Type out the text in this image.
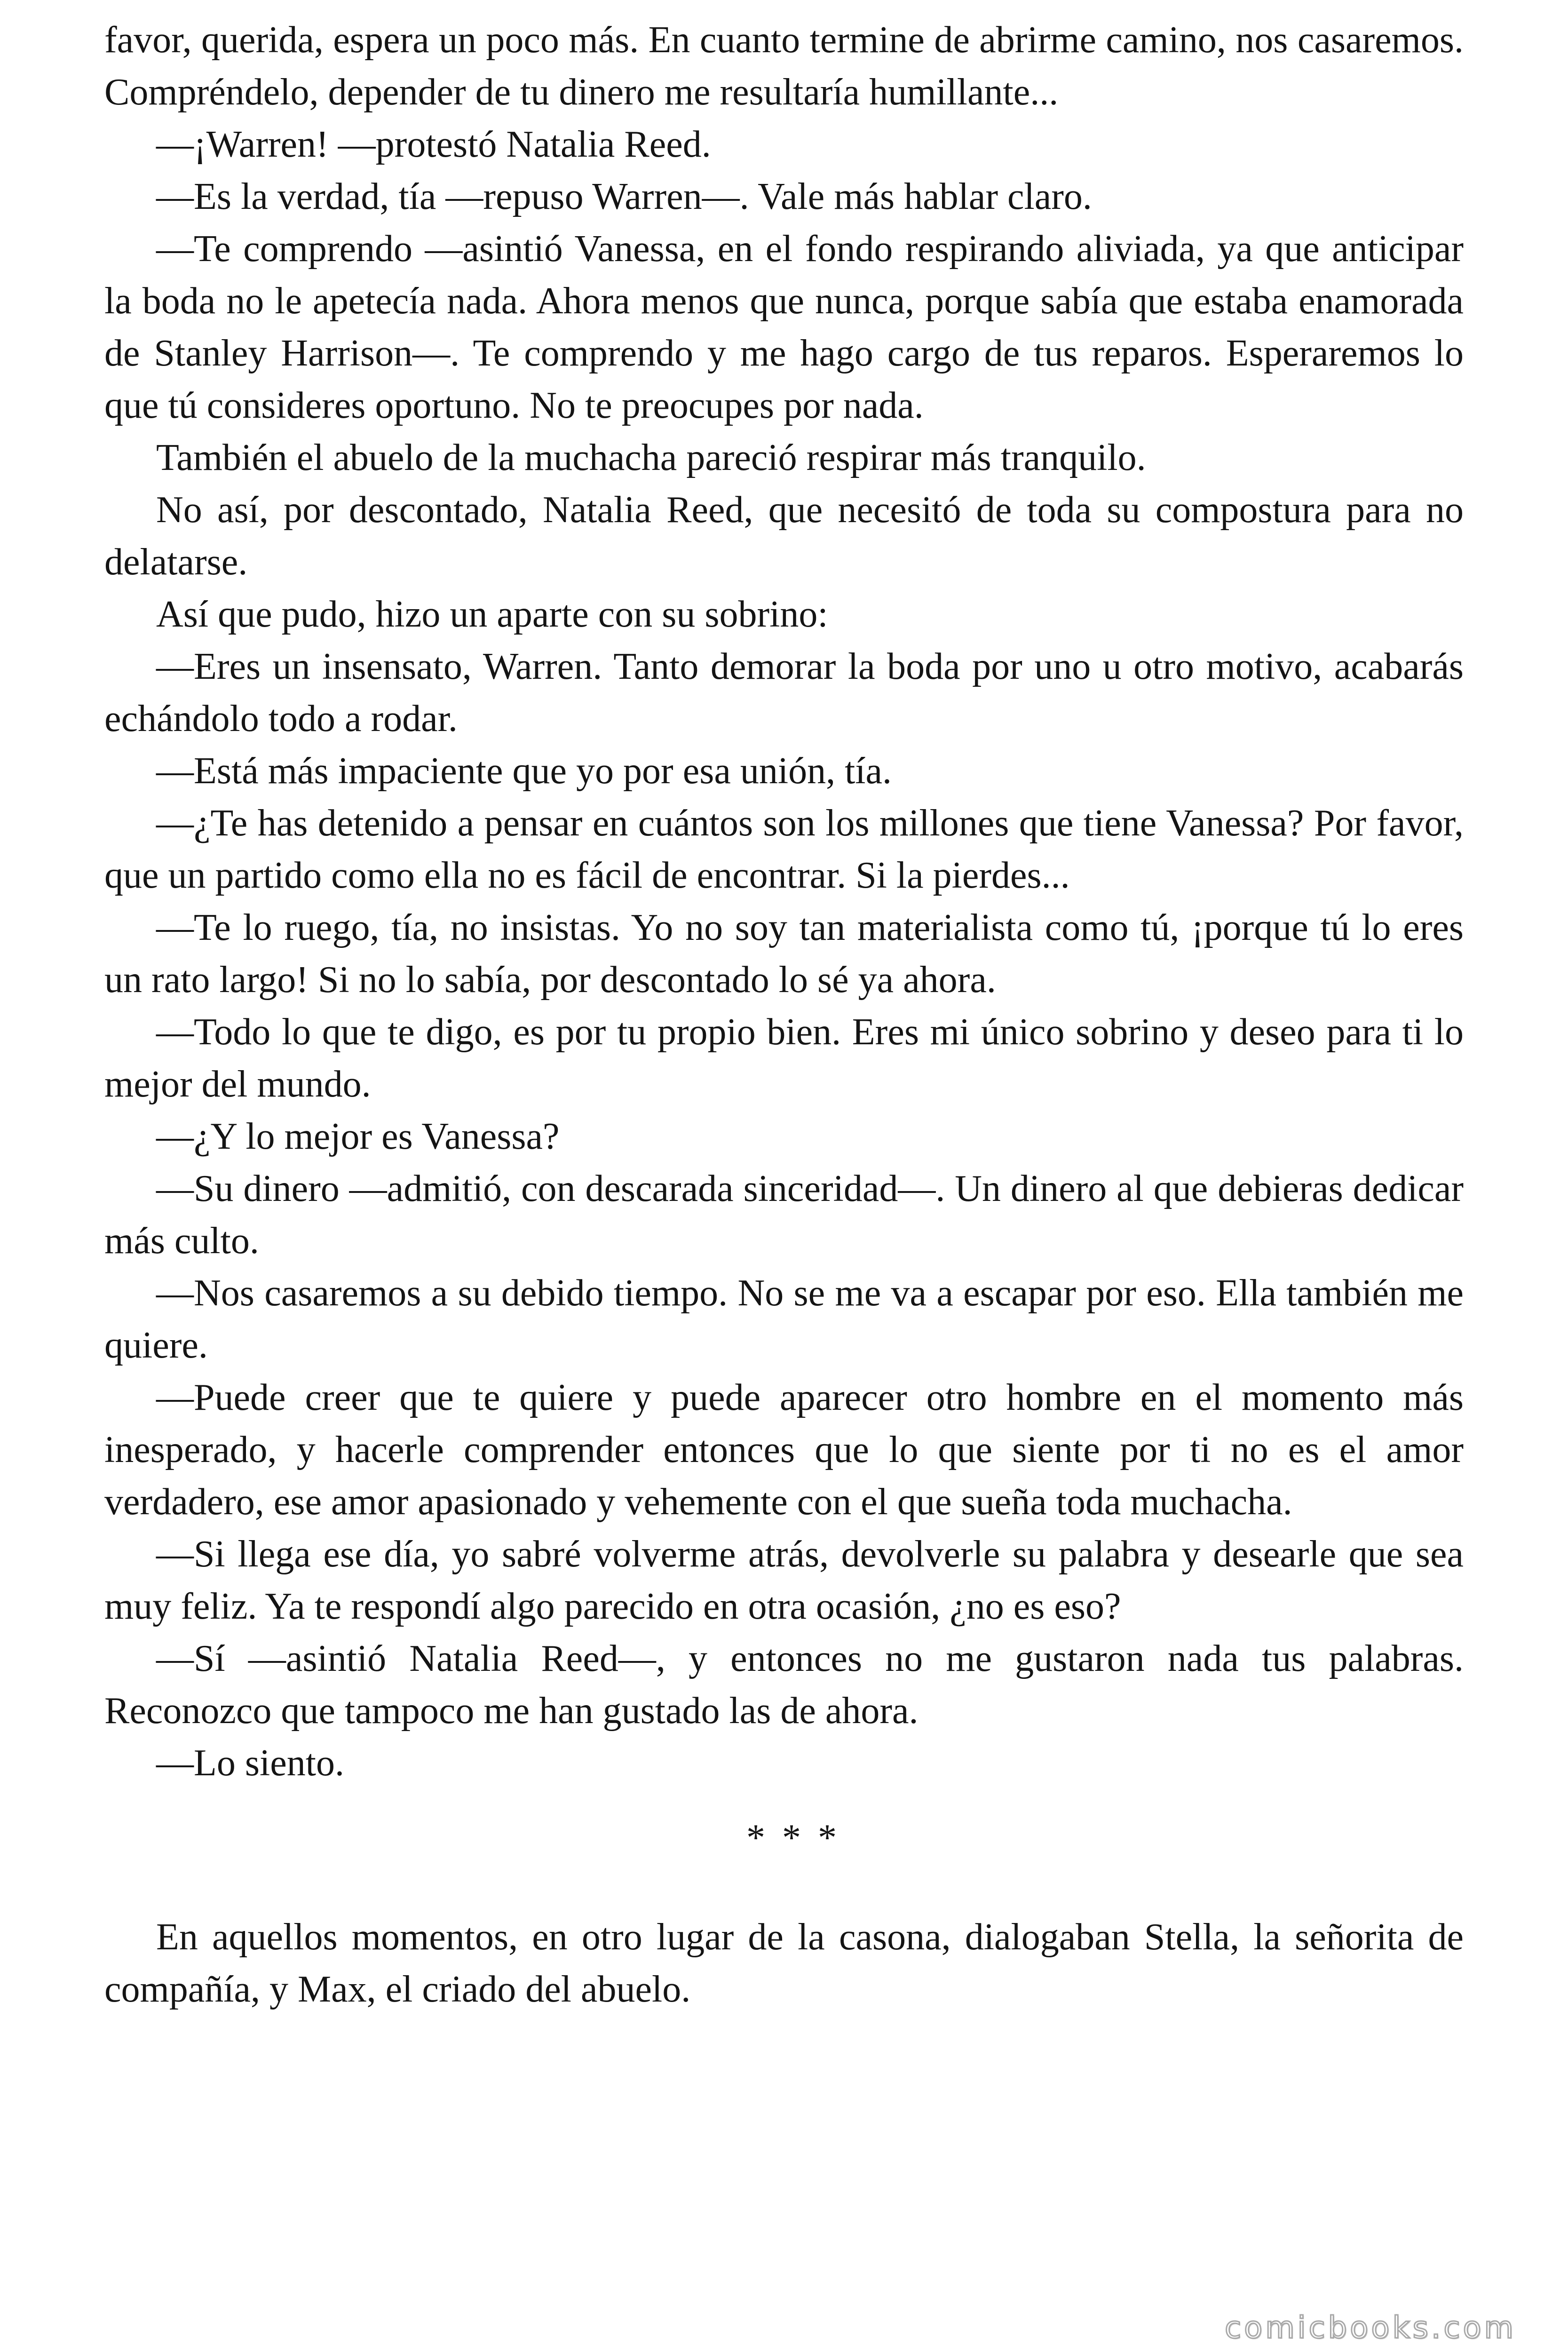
favor, querida, espera un poco más. En cuanto termine de abrirme camino, nos casaremos. Compréndelo, depender de tu dinero me resultaría humillante...

—¡Warren! —protestó Natalia Reed.

—Es la verdad, tía —repuso Warren—. Vale más hablar claro.

—Te comprendo —asintió Vanessa, en el fondo respirando aliviada, ya que anticipar la boda no le apetecía nada. Ahora menos que nunca, porque sabía que estaba enamorada de Stanley Harrison—. Te comprendo y me hago cargo de tus reparos. Esperaremos lo que tú consideres oportuno. No te preocupes por nada.

También el abuelo de la muchacha pareció respirar más tranquilo.

No así, por descontado, Natalia Reed, que necesitó de toda su compostura para no delatarse.

Así que pudo, hizo un aparte con su sobrino:

—Eres un insensato, Warren. Tanto demorar la boda por uno u otro motivo, acabarás echándolo todo a rodar.

—Está más impaciente que yo por esa unión, tía.

—¿Te has detenido a pensar en cuántos son los millones que tiene Vanessa? Por favor, que un partido como ella no es fácil de encontrar. Si la pierdes...

—Te lo ruego, tía, no insistas. Yo no soy tan materialista como tú, ¡porque tú lo eres un rato largo! Si no lo sabía, por descontado lo sé ya ahora.

—Todo lo que te digo, es por tu propio bien. Eres mi único sobrino y deseo para ti lo mejor del mundo.

—¿Y lo mejor es Vanessa?

—Su dinero —admitió, con descarada sinceridad—. Un dinero al que debieras dedicar más culto.

—Nos casaremos a su debido tiempo. No se me va a escapar por eso. Ella también me quiere.

—Puede creer que te quiere y puede aparecer otro hombre en el momento más inesperado, y hacerle comprender entonces que lo que siente por ti no es el amor verdadero, ese amor apasionado y vehemente con el que sueña toda muchacha.

—Si llega ese día, yo sabré volverme atrás, devolverle su palabra y desearle que sea muy feliz. Ya te respondí algo parecido en otra ocasión, ¿no es eso?

—Sí —asintió Natalia Reed—, y entonces no me gustaron nada tus palabras. Reconozco que tampoco me han gustado las de ahora.

—Lo siento.

* * *

En aquellos momentos, en otro lugar de la casona, dialogaban Stella, la señorita de compañía, y Max, el criado del abuelo.

comicbooks.com
